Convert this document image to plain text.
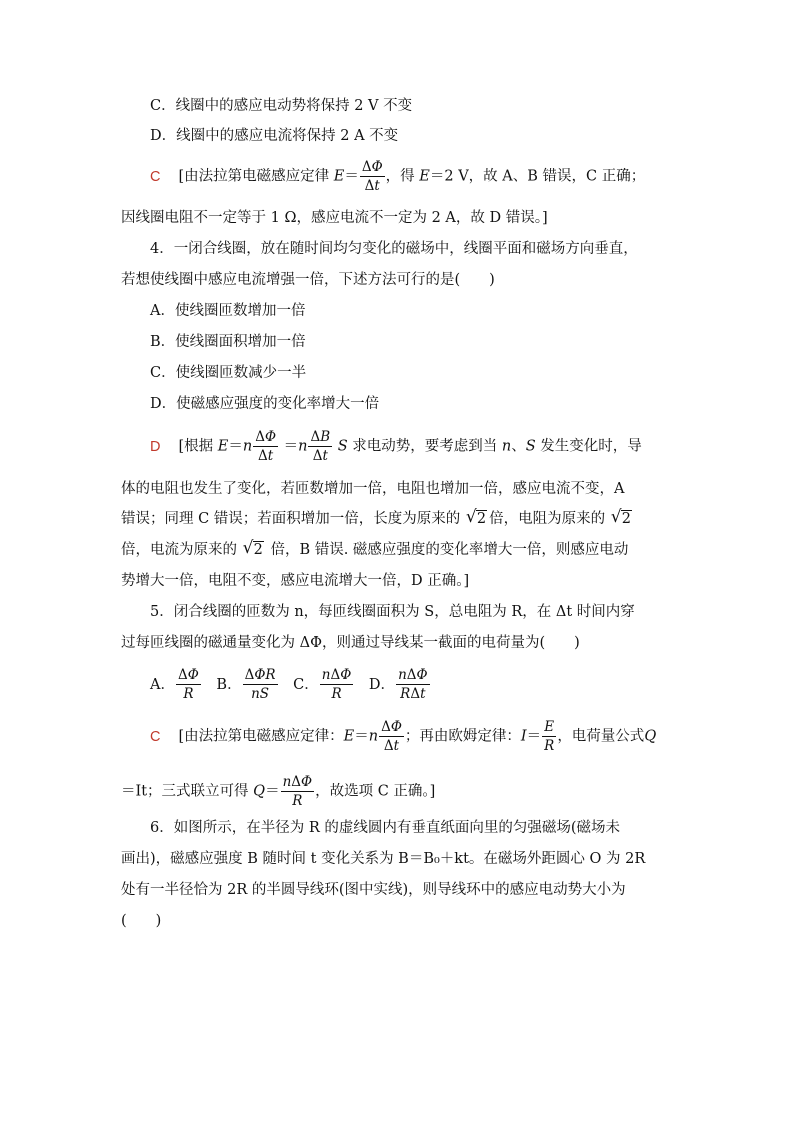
C．线圈中的感应电动势将保持 2 V 不变
D．线圈中的感应电流将保持 2 A 不变
C [由法拉第电磁感应定律 $E= \frac{\Delta\Phi}{\Delta t}$ ，得 E＝2 V，故 A、B 错误，C 正确；
因线圈电阻不一定等于 1 Ω，感应电流不一定为 2 A，故 D 错误。]
4．一闭合线圈，放在随时间均匀变化的磁场中，线圈平面和磁场方向垂直，
若想使线圈中感应电流增强一倍，下述方法可行的是(　　)
A．使线圈匝数增加一倍
B．使线圈面积增加一倍
C．使线圈匝数减少一半
D．使磁感应强度的变化率增大一倍
D [根据 $E=n \frac{\Delta\Phi}{\Delta t} =n \frac{\Delta B}{\Delta t}$ S 求电动势，要考虑到当 n、S 发生变化时，导
体的电阻也发生了变化，若匝数增加一倍，电阻也增加一倍，感应电流不变，A
错误；同理 C 错误；若面积增加一倍，长度为原来的 √ 2 倍，电阻为原来的 √ 2
倍，电流为原来的 √ 2 倍，B 错误. 磁感应强度的变化率增大一倍，则感应电动
势增大一倍，电阻不变，感应电流增大一倍，D 正确。]
5．闭合线圈的匝数为 n，每匝线圈面积为 S，总电阻为 R，在 Δt 时间内穿
过每匝线圈的磁通量变化为 ΔΦ，则通过导线某一截面的电荷量为(　　)
A． $\frac{\Delta\Phi}{R}$ B． $\frac{\text{ΔΦR}}{nS}$ C． $\frac{\text{nΔΦ}}{R}$ D． $\frac{\text{nΔΦ}}{\text{RΔt}}$
C [由法拉第电磁感应定律：$E=n \frac{\Delta\Phi}{\Delta t}$ ；再由欧姆定律：$I= \frac{E}{R}$ ，电荷量公式Q
＝It；三式联立可得 $Q= \frac{\text{nΔΦ}}{R}$ ，故选项 C 正确。]
6．如图所示，在半径为 R 的虚线圆内有垂直纸面向里的匀强磁场(磁场未
画出)，磁感应强度 B 随时间 t 变化关系为 B＝B₀＋kt。在磁场外距圆心 O 为 2R
处有一半径恰为 2R 的半圆导线环(图中实线)，则导线环中的感应电动势大小为
(　　)
